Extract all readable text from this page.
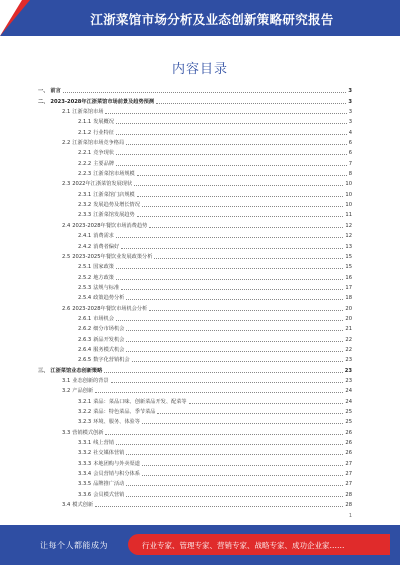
江浙菜馆市场分析及业态创新策略研究报告
内容目录
一、 前言	3
二、 2023-2028年江浙菜馆市场前景及趋势预测	3
2.1 江浙菜馆市场	3
2.1.1 发展概况	3
2.1.2 行业特征	4
2.2 江浙菜馆市场竞争格局	6
2.2.1 竞争现状	6
2.2.2 主要品牌	7
2.2.3 江浙菜馆市场规模	8
2.3 2022年江浙菜馆发展现状	10
2.3.1 江浙菜馆门店规模	10
2.3.2 发展趋势及增长情况	10
2.3.3 江浙菜馆发展趋势	11
2.4 2023-2028年餐饮市场消费趋势	12
2.4.1 消费需求	12
2.4.2 消费者偏好	13
2.5 2023-2025年餐饮业发展政策分析	15
2.5.1 国家政策	15
2.5.2 地方政策	16
2.5.3 法规与标准	17
2.5.4 政策趋势分析	18
2.6 2023-2028年餐饮市场机会分析	20
2.6.1 市场机会	20
2.6.2 细分市场机会	21
2.6.3 新品开发机会	22
2.6.4 服务模式机会	22
2.6.5 数字化营销机会	23
三、 江浙菜馆业态创新策略	23
3.1 业态创新的背景	23
3.2 产品创新	24
3.2.1 菜品：菜品口味、创新菜品开发、配菜等	24
3.2.2 菜品：特色菜品、季节菜品	25
3.2.3 环境、服务、体验等	25
3.3 营销模式创新	26
3.3.1 线上营销	26
3.3.2 社交媒体营销	26
3.3.3 本地团购与外卖渠道	27
3.3.4 会员营销与积分体系	27
3.3.5 品牌推广活动	27
3.3.6 会员模式营销	28
3.4 模式创新	28
1
让每个人都能成为	行业专家、管理专家、营销专家、战略专家、成功企业家……
